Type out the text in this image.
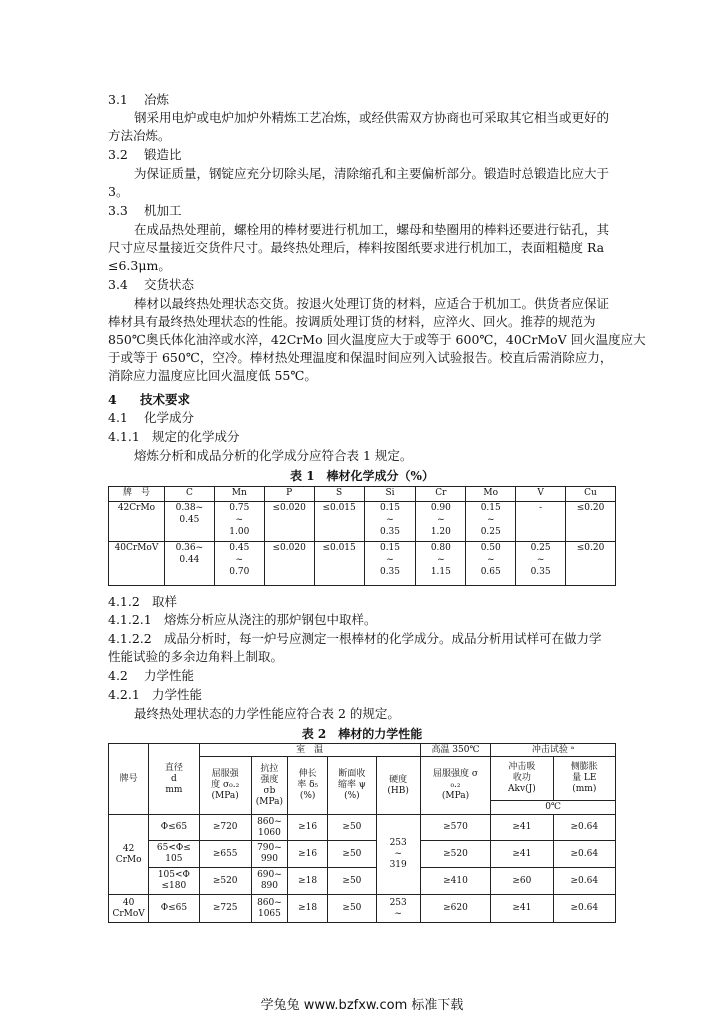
3.1 冶炼
钢采用电炉或电炉加炉外精炼工艺冶炼，或经供需双方协商也可采取其它相当或更好的
方法冶炼。
3.2 锻造比
为保证质量，钢锭应充分切除头尾，清除缩孔和主要偏析部分。锻造时总锻造比应大于
3。
3.3 机加工
在成品热处理前，螺栓用的棒材要进行机加工，螺母和垫圈用的棒料还要进行钻孔，其
尺寸应尽量接近交货件尺寸。最终热处理后，棒料按图纸要求进行机加工，表面粗糙度 Ra
≤6.3μm。
3.4 交货状态
棒材以最终热处理状态交货。按退火处理订货的材料，应适合于机加工。供货者应保证
棒材具有最终热处理状态的性能。按调质处理订货的材料，应淬火、回火。推荐的规范为
850℃奥氏体化油淬或水淬，42CrMo 回火温度应大于或等于 600℃，40CrMoV 回火温度应大
于或等于 650℃，空冷。棒材热处理温度和保温时间应列入试验报告。校直后需消除应力，
消除应力温度应比回火温度低 55℃。
4 技术要求
4.1 化学成分
4.1.1 规定的化学成分
熔炼分析和成品分析的化学成分应符合表 1 规定。
表 1　棒材化学成分（%）
牌　号	C	Mn	P	S	Si	Cr	Mo	V	Cu
42CrMo	0.38~
0.45	0.75
~
1.00	≤0.020	≤0.015	0.15
~
0.35	0.90
~
1.20	0.15
~
0.25	-	≤0.20
40CrMoV	0.36~
0.44	0.45
~
0.70	≤0.020	≤0.015	0.15
~
0.35	0.80
~
1.15	0.50
~
0.65	0.25
~
0.35	≤0.20
4.1.2 取样
4.1.2.1 熔炼分析应从浇注的那炉钢包中取样。
4.1.2.2 成品分析时，每一炉号应测定一根棒材的化学成分。成品分析用试样可在做力学
性能试验的多余边角料上制取。
4.2 力学性能
4.2.1 力学性能
最终热处理状态的力学性能应符合表 2 的规定。
表 2　棒材的力学性能
牌号	直径
d
mm	室　温					高温 350℃	冲击试验 ᵃ	
		屈服强
度 σ₀.₂
(MPa)	抗拉
强度
σb
(MPa)	伸长
率 δ₅
(%)	断面收
缩率 ψ
(%)	硬度
(HB)	屈服强度 σ
₀.₂
(MPa)	冲击吸
收功
Akv(J)	侧膨胀
量 LE
(mm)
								0℃	
42
CrMo	Φ≤65	≥720	860~
1060	≥16	≥50	253
~
319	≥570	≥41	≥0.64
	65<Φ≤
105	≥655	790~
990	≥16	≥50		≥520	≥41	≥0.64
	105<Φ
≤180	≥520	690~
890	≥18	≥50		≥410	≥60	≥0.64
40
CrMoV	Φ≤65	≥725	860~
1065	≥18	≥50	253
~	≥620	≥41	≥0.64
学兔兔 www.bzfxw.com 标准下载
